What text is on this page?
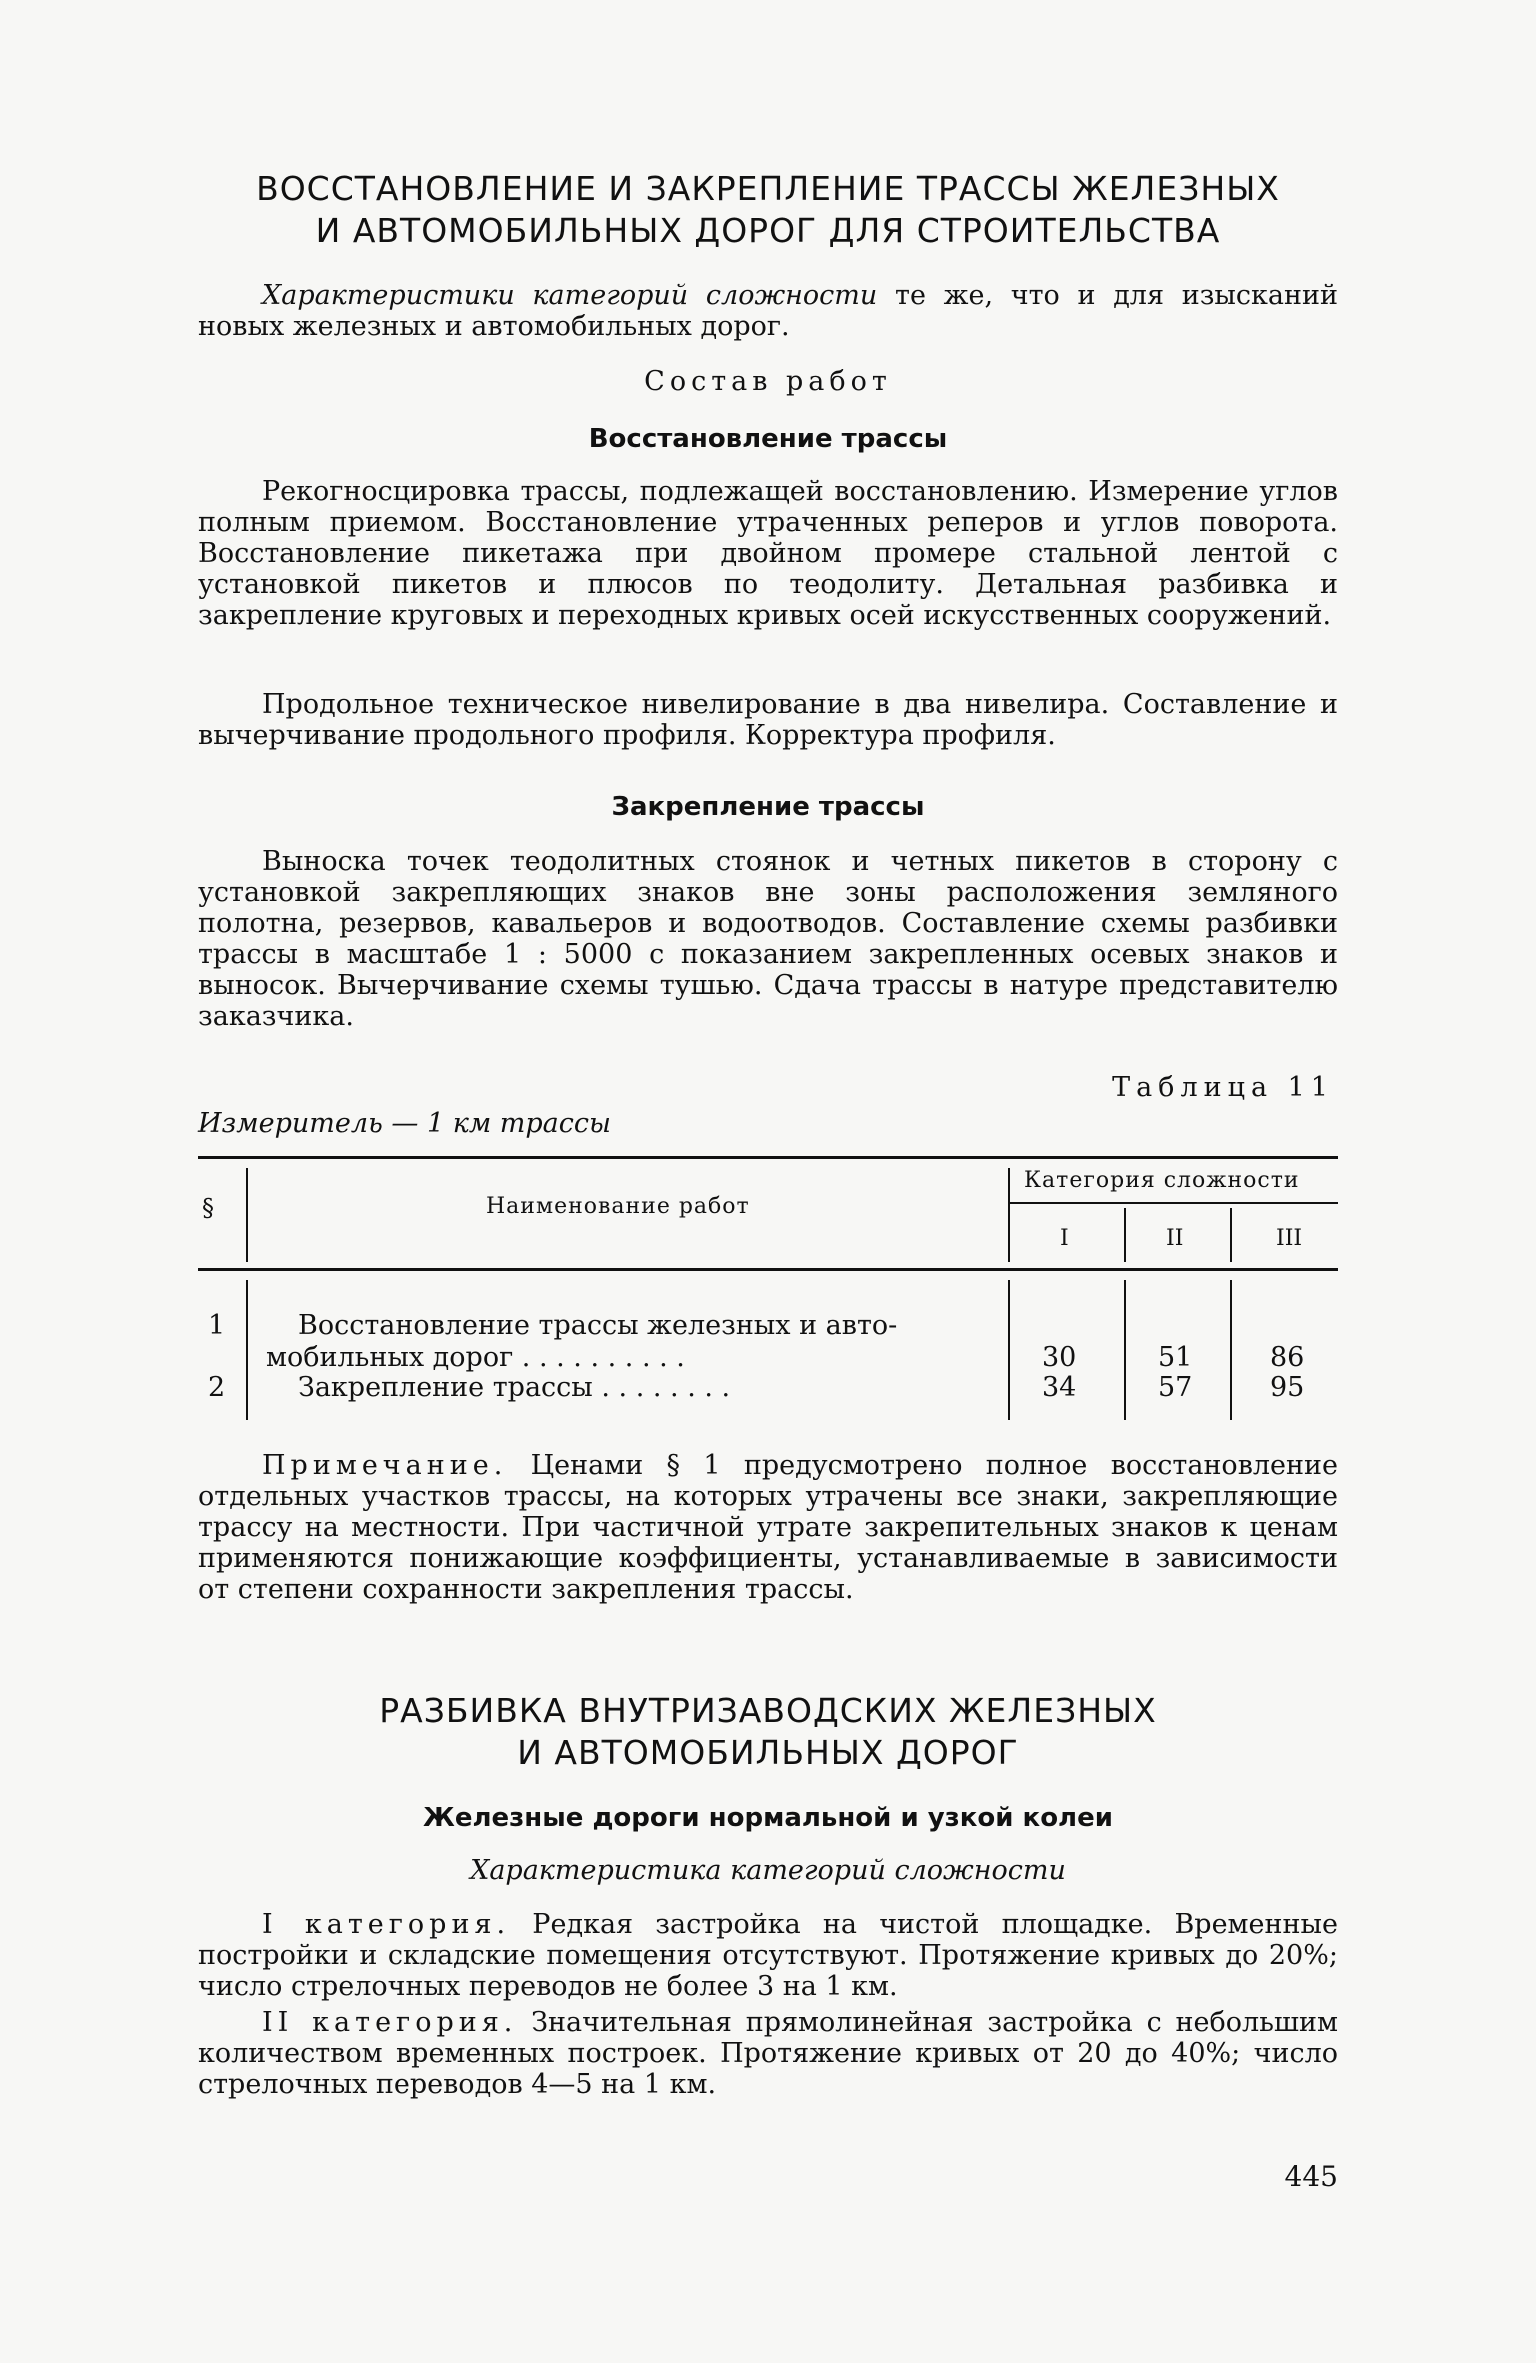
ВОССТАНОВЛЕНИЕ И ЗАКРЕПЛЕНИЕ ТРАССЫ ЖЕЛЕЗНЫХ
И АВТОМОБИЛЬНЫХ ДОРОГ ДЛЯ СТРОИТЕЛЬСТВА

Характеристики категорий сложности те же, что и для изысканий новых железных и автомобильных дорог.

Состав работ

Восстановление трассы

Рекогносцировка трассы, подлежащей восстановлению. Измерение углов полным приемом. Восстановление утраченных реперов и углов поворота. Восстановление пикетажа при двойном промере стальной лентой с установкой пикетов и плюсов по теодолиту. Детальная разбивка и закрепление круговых и переходных кривых осей искусственных сооружений.

Продольное техническое нивелирование в два нивелира. Составление и вычерчивание продольного профиля. Корректура профиля.

Закрепление трассы

Выноска точек теодолитных стоянок и четных пикетов в сторону с установкой закрепляющих знаков вне зоны расположения земляного полотна, резервов, кавальеров и водоотводов. Составление схемы разбивки трассы в масштабе 1 : 5000 с показанием закрепленных осевых знаков и выносок. Вычерчивание схемы тушью. Сдача трассы в натуре представителю заказчика.

Таблица 11
Измеритель — 1 км трассы
§	Наименование работ
Категория сложности
I	II	III
1	Восстановление трассы железных и авто-
мобильных дорог . . . . . . . . . .	30	51	86
2	Закрепление трассы . . . . . . . .	34	57	95

Примечание. Ценами § 1 предусмотрено полное восстановление отдельных участков трассы, на которых утрачены все знаки, закрепляющие трассу на местности. При частичной утрате закрепительных знаков к ценам применяются понижающие коэффициенты, устанавливаемые в зависимости от степени сохранности закрепления трассы.

РАЗБИВКА ВНУТРИЗАВОДСКИХ ЖЕЛЕЗНЫХ
И АВТОМОБИЛЬНЫХ ДОРОГ

Железные дороги нормальной и узкой колеи

Характеристика категорий сложности

I категория. Редкая застройка на чистой площадке. Временные постройки и складские помещения отсутствуют. Протяжение кривых до 20%; число стрелочных переводов не более 3 на 1 км.

II категория. Значительная прямолинейная застройка с небольшим количеством временных построек. Протяжение кривых от 20 до 40%; число стрелочных переводов 4—5 на 1 км.

445
